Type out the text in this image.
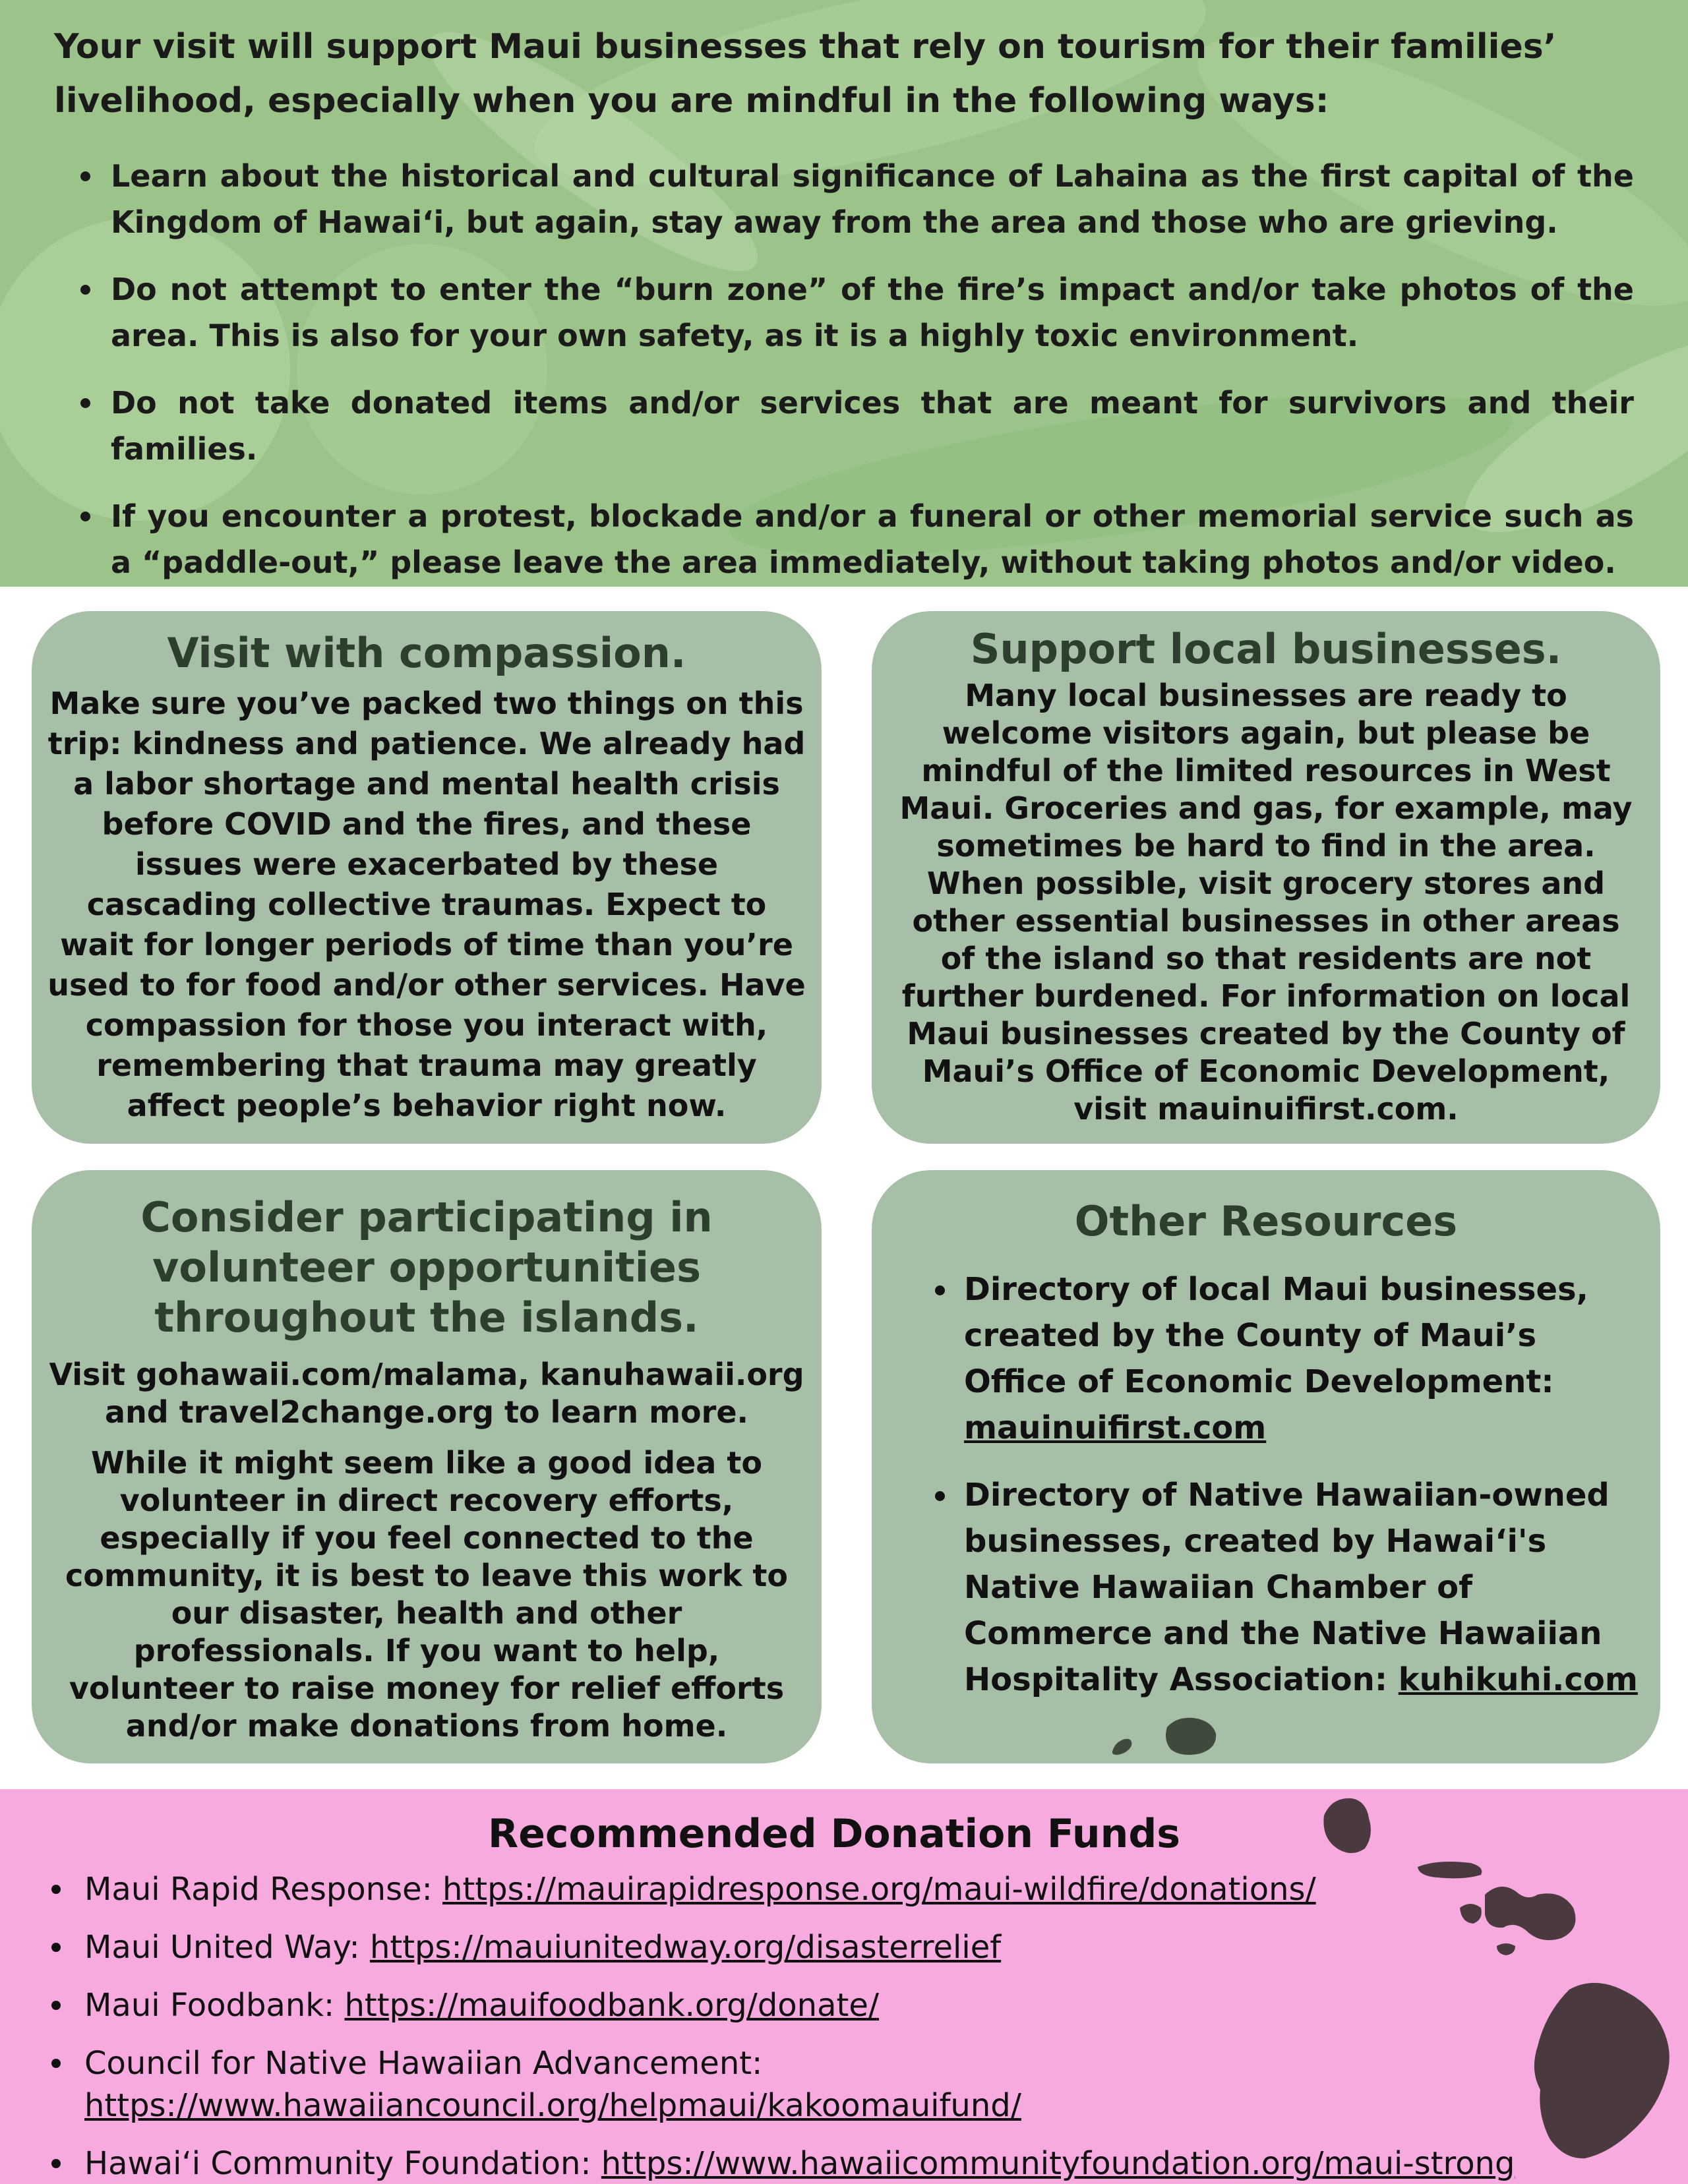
Your visit will support Maui businesses that rely on tourism for their families’ livelihood, especially when you are mindful in the following ways:
Learn about the historical and cultural significance of Lahaina as the first capital of the Kingdom of Hawaiʻi, but again, stay away from the area and those who are grieving.
Do not attempt to enter the “burn zone” of the fire’s impact and/or take photos of the area. This is also for your own safety, as it is a highly toxic environment.
Do not take donated items and/or services that are meant for survivors and their families.
If you encounter a protest, blockade and/or a funeral or other memorial service such as a “paddle-out,” please leave the area immediately, without taking photos and/or video.
Visit with compassion.

Make sure you’ve packed two things on this trip: kindness and patience. We already had a labor shortage and mental health crisis before COVID and the fires, and these issues were exacerbated by these cascading collective traumas. Expect to wait for longer periods of time than you’re used to for food and/or other services. Have compassion for those you interact with, remembering that trauma may greatly affect people’s behavior right now.

Support local businesses.

Many local businesses are ready to welcome visitors again, but please be mindful of the limited resources in West Maui. Groceries and gas, for example, may sometimes be hard to find in the area. When possible, visit grocery stores and other essential businesses in other areas of the island so that residents are not further burdened. For information on local Maui businesses created by the County of Maui’s Office of Economic Development, visit mauinuifirst.com.

Consider participating in volunteer opportunities throughout the islands.

Visit gohawaii.com/malama, kanuhawaii.org and travel2change.org to learn more.

While it might seem like a good idea to volunteer in direct recovery efforts, especially if you feel connected to the community, it is best to leave this work to our disaster, health and other professionals. If you want to help, volunteer to raise money for relief efforts and/or make donations from home.

Other Resources
Directory of local Maui businesses, created by the County of Maui’s Office of Economic Development: mauinuifirst.com
Directory of Native Hawaiian-owned businesses, created by Hawaiʻi's Native Hawaiian Chamber of Commerce and the Native Hawaiian Hospitality Association: kuhikuhi.com
Recommended Donation Funds
Maui Rapid Response: https://mauirapidresponse.org/maui-wildfire/donations/
Maui United Way: https://mauiunitedway.org/disasterrelief
Maui Foodbank: https://mauifoodbank.org/donate/
Council for Native Hawaiian Advancement:
https://www.hawaiiancouncil.org/helpmaui/kakoomauifund/
Hawaiʻi Community Foundation: https://www.hawaiicommunityfoundation.org/maui-strong
